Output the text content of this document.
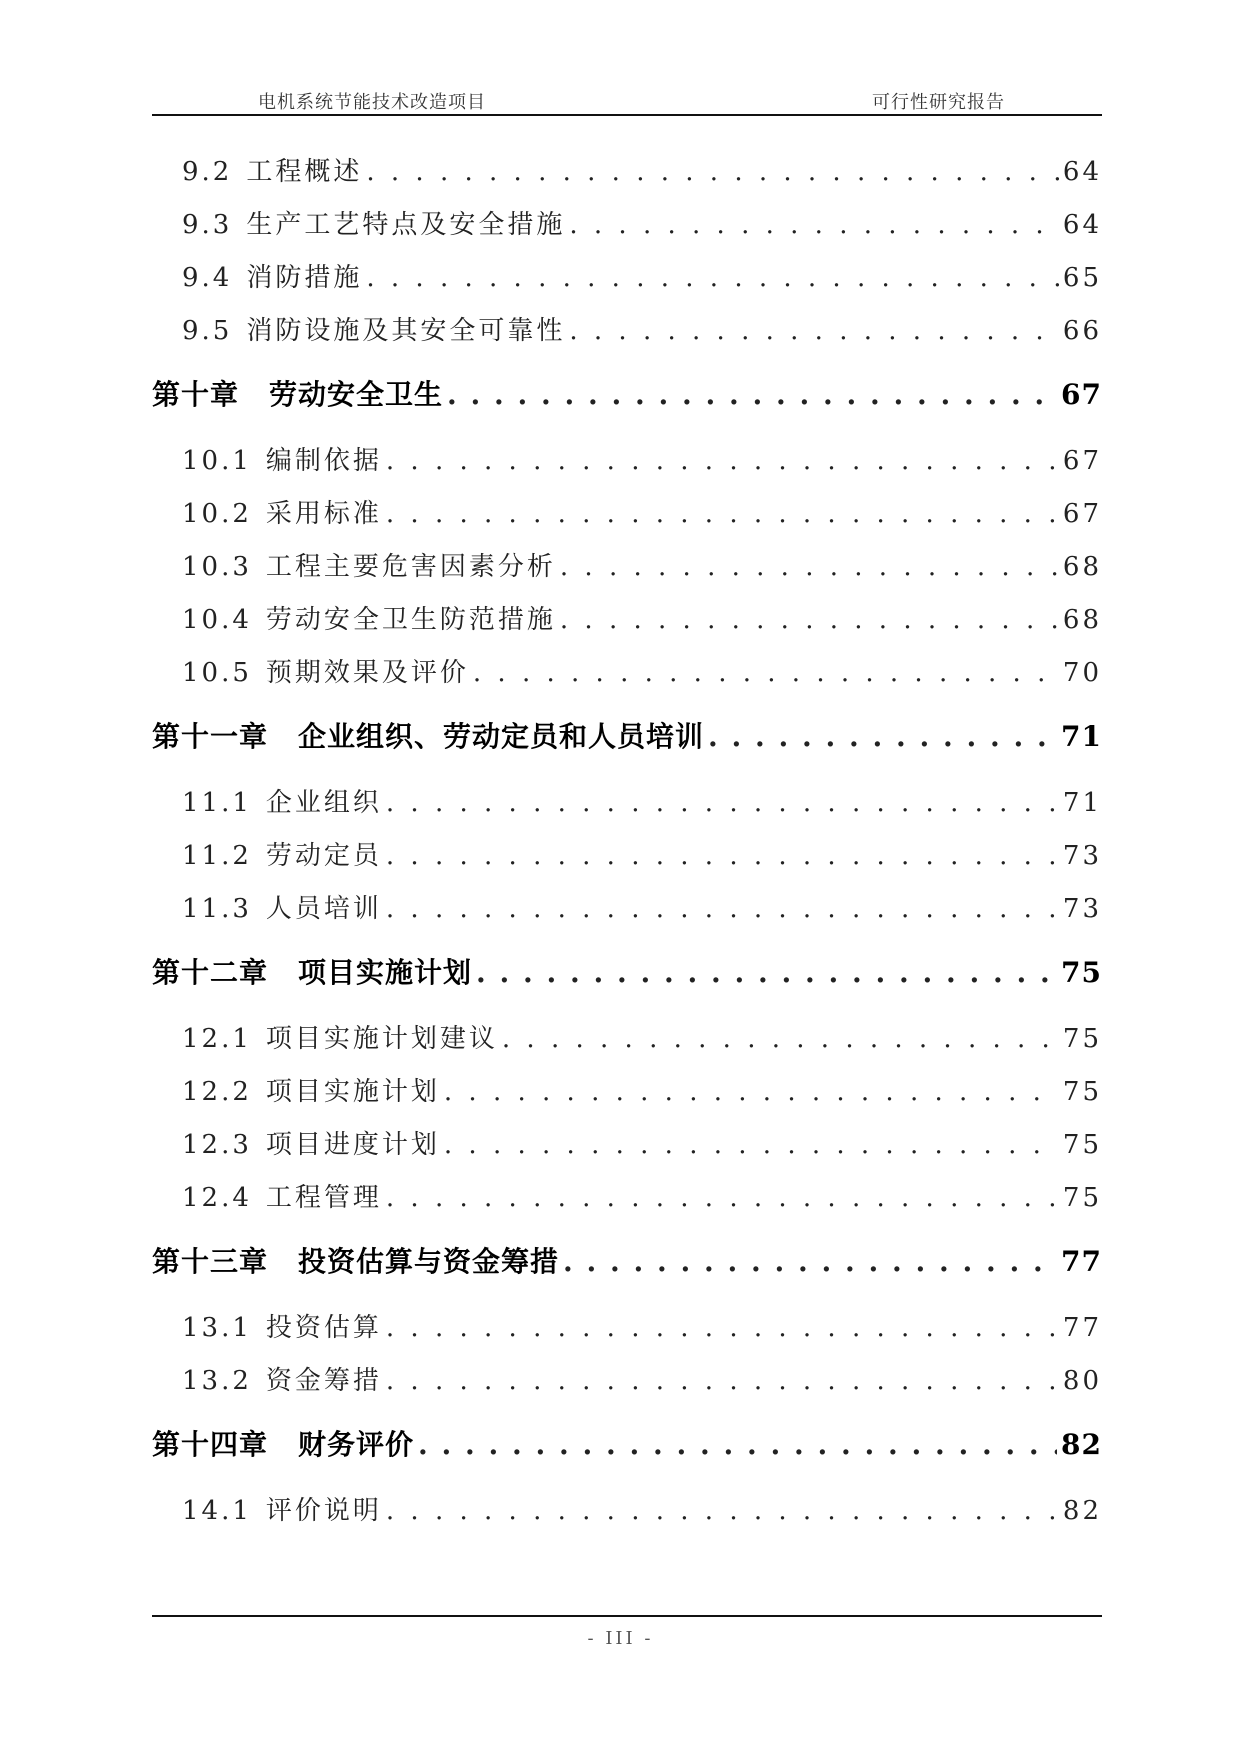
电机系统节能技术改造项目	可行性研究报告
9.2 工程概述 . . .	64
9.3 生产工艺特点及安全措施 . . .	64
9.4 消防措施 . . .	65
9.5 消防设施及其安全可靠性 . . .	66
第十章 劳动安全卫生 . . .	67
10.1 编制依据 . . .	67
10.2 采用标准 . . .	67
10.3 工程主要危害因素分析 . . .	68
10.4 劳动安全卫生防范措施 . . .	68
10.5 预期效果及评价 . . .	70
第十一章 企业组织、劳动定员和人员培训 . . .	71
11.1 企业组织 . . .	71
11.2 劳动定员 . . .	73
11.3 人员培训 . . .	73
第十二章 项目实施计划 . . .	75
12.1 项目实施计划建议 . . .	75
12.2 项目实施计划 . . .	75
12.3 项目进度计划 . . .	75
12.4 工程管理 . . .	75
第十三章 投资估算与资金筹措 . . .	77
13.1 投资估算 . . .	77
13.2 资金筹措 . . .	80
第十四章 财务评价 . . .	82
14.1 评价说明 . . .	82
- III -
